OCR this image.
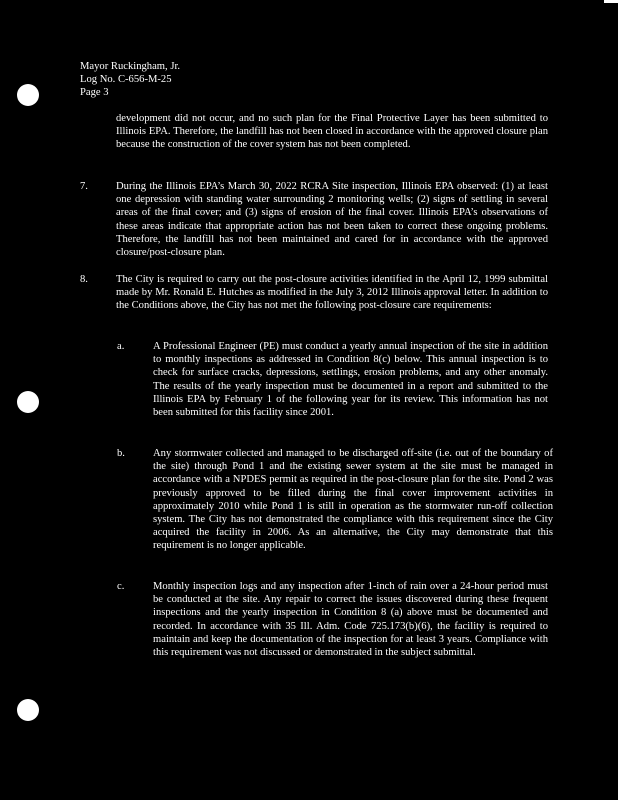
Mayor Ruckingham, Jr.
Log No. C-656-M-25
Page 3
development did not occur, and no such plan for the Final Protective Layer has been submitted to Illinois EPA. Therefore, the landfill has not been closed in accordance with the approved closure plan because the construction of the cover system has not been completed.
7.	During the Illinois EPA’s March 30, 2022 RCRA Site inspection, Illinois EPA observed: (1) at least one depression with standing water surrounding 2 monitoring wells; (2) signs of settling in several areas of the final cover; and (3) signs of erosion of the final cover. Illinois EPA’s observations of these areas indicate that appropriate action has not been taken to correct these ongoing problems. Therefore, the landfill has not been maintained and cared for in accordance with the approved closure/post-closure plan.
8.	The City is required to carry out the post-closure activities identified in the April 12, 1999 submittal made by Mr. Ronald E. Hutches as modified in the July 3, 2012 Illinois approval letter. In addition to the Conditions above, the City has not met the following post-closure care requirements:
a.	A Professional Engineer (PE) must conduct a yearly annual inspection of the site in addition to monthly inspections as addressed in Condition 8(c) below. This annual inspection is to check for surface cracks, depressions, settlings, erosion problems, and any other anomaly. The results of the yearly inspection must be documented in a report and submitted to the Illinois EPA by February 1 of the following year for its review. This information has not been submitted for this facility since 2001.
b.	Any stormwater collected and managed to be discharged off-site (i.e. out of the boundary of the site) through Pond 1 and the existing sewer system at the site must be managed in accordance with a NPDES permit as required in the post-closure plan for the site. Pond 2 was previously approved to be filled during the final cover improvement activities in approximately 2010 while Pond 1 is still in operation as the stormwater run-off collection system. The City has not demonstrated the compliance with this requirement since the City acquired the facility in 2006. As an alternative, the City may demonstrate that this requirement is no longer applicable.
c.	Monthly inspection logs and any inspection after 1-inch of rain over a 24-hour period must be conducted at the site. Any repair to correct the issues discovered during these frequent inspections and the yearly inspection in Condition 8 (a) above must be documented and recorded. In accordance with 35 Ill. Adm. Code 725.173(b)(6), the facility is required to maintain and keep the documentation of the inspection for at least 3 years. Compliance with this requirement was not discussed or demonstrated in the subject submittal.
